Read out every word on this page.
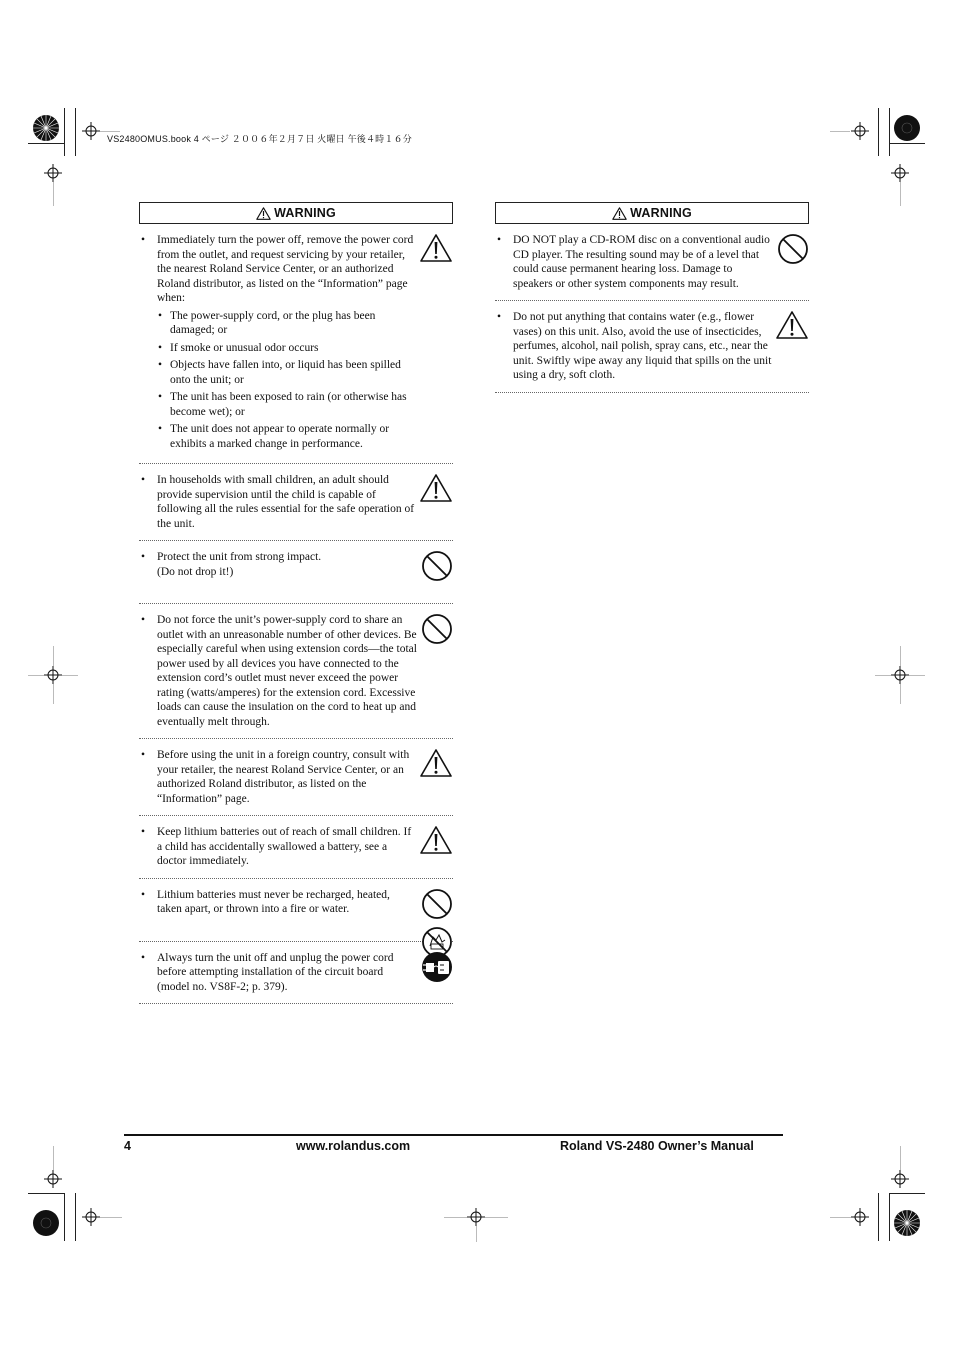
VS2480OMUS.book 4 ページ ２００６年２月７日 火曜日 午後４時１６分
WARNING
• Immediately turn the power off, remove the power cord from the outlet, and request servicing by your retailer, the nearest Roland Service Center, or an authorized Roland distributor, as listed on the “Information” page when:
• The power-supply cord, or the plug has been damaged; or
• If smoke or unusual odor occurs
• Objects have fallen into, or liquid has been spilled onto the unit; or
• The unit has been exposed to rain (or otherwise has become wet); or
• The unit does not appear to operate normally or exhibits a marked change in performance.
• In households with small children, an adult should provide supervision until the child is capable of following all the rules essential for the safe operation of the unit.
• Protect the unit from strong impact.
(Do not drop it!)
• Do not force the unit’s power-supply cord to share an outlet with an unreasonable number of other devices. Be especially careful when using extension cords—the total power used by all devices you have connected to the extension cord’s outlet must never exceed the power rating (watts/amperes) for the extension cord. Excessive loads can cause the insulation on the cord to heat up and eventually melt through.
• Before using the unit in a foreign country, consult with your retailer, the nearest Roland Service Center, or an authorized Roland distributor, as listed on the “Information” page.
• Keep lithium batteries out of reach of small children. If a child has accidentally swallowed a battery, see a doctor immediately.
• Lithium batteries must never be recharged, heated, taken apart, or thrown into a fire or water.
• Always turn the unit off and unplug the power cord before attempting installation of the circuit board (model no. VS8F-2; p. 379).
WARNING
• DO NOT play a CD-ROM disc on a conventional audio CD player. The resulting sound may be of a level that could cause permanent hearing loss. Damage to speakers or other system components may result.
• Do not put anything that contains water (e.g., flower vases) on this unit. Also, avoid the use of insecticides, perfumes, alcohol, nail polish, spray cans, etc., near the unit. Swiftly wipe away any liquid that spills on the unit using a dry, soft cloth.
4	www.rolandus.com	Roland VS-2480 Owner’s Manual
